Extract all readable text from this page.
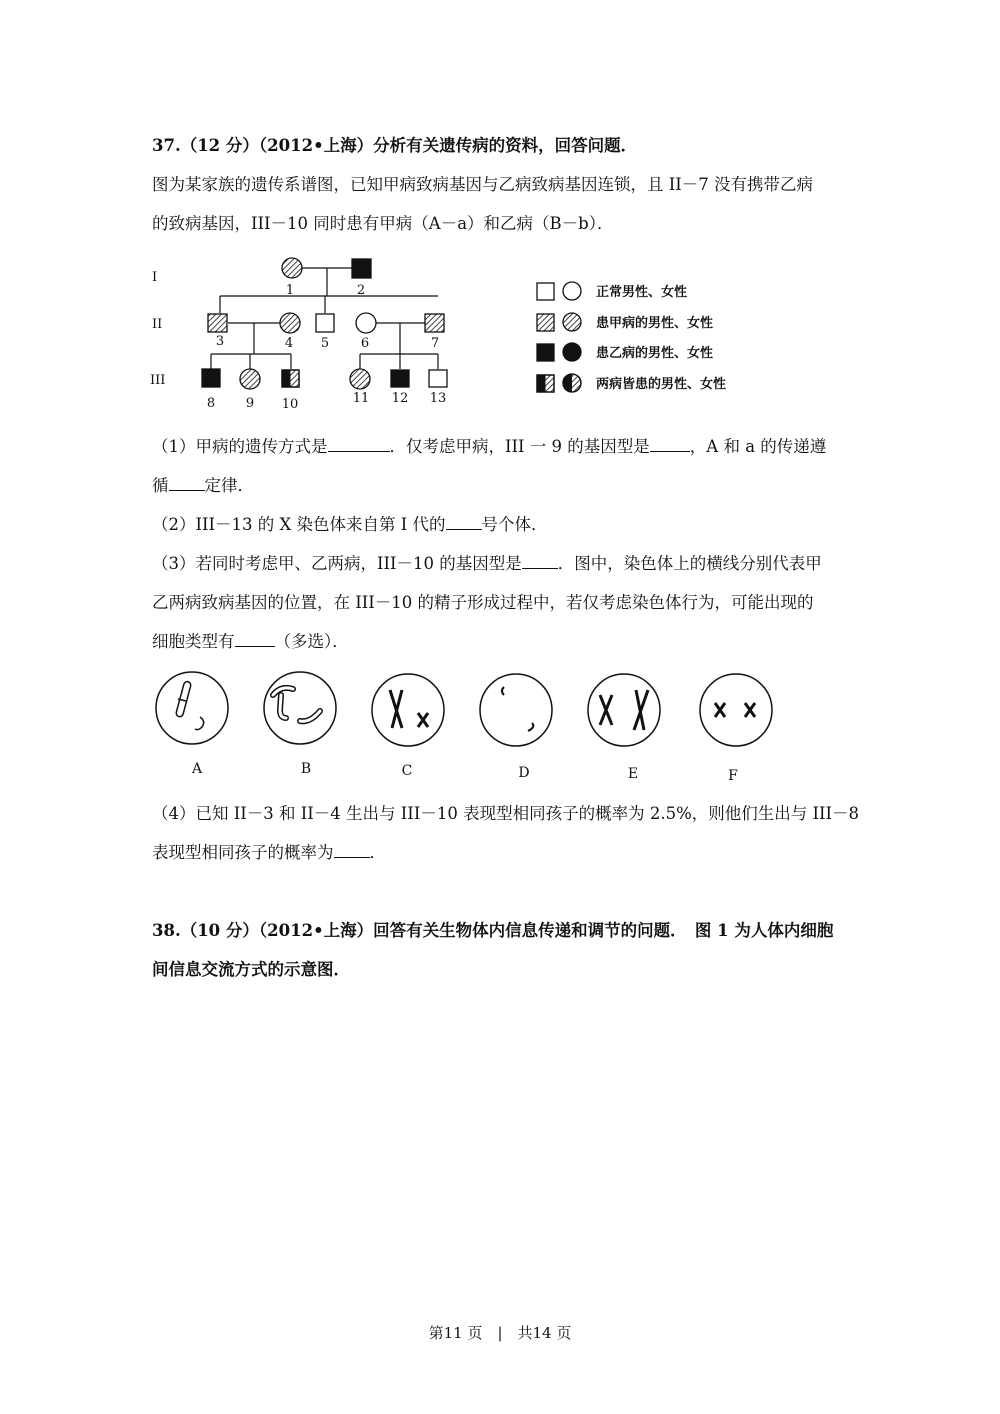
37.（12 分）（2012•上海）分析有关遗传病的资料，回答问题．
图为某家族的遗传系谱图，已知甲病致病基因与乙病致病基因连锁，且 II－7 没有携带乙病
的致病基因，III－10 同时患有甲病（A－a）和乙病（B－b）．
I
II
III
1	2
3	4 5 6	7
8 9 10	11 12 13
正常男性、女性
患甲病的男性、女性
患乙病的男性、女性
两病皆患的男性、女性
（1）甲病的遗传方式是	．仅考虑甲病，III 一 9 的基因型是 ，A 和 a 的传递遵
循 定律．
（2）III－13 的 X 染色体来自第 I 代的 号个体．
（3）若同时考虑甲、乙两病，III－10 的基因型是 ．图中，染色体上的横线分别代表甲
乙两病致病基因的位置，在 III－10 的精子形成过程中，若仅考虑染色体行为，可能出现的
细胞类型有 （多选）．
A	B	C	D	E	F
（4）已知 II－3 和 II－4 生出与 III－10 表现型相同孩子的概率为 2.5%，则他们生出与 III－8
表现型相同孩子的概率为 ．
38.（10 分）（2012•上海）回答有关生物体内信息传递和调节的问题．　图 1 为人体内细胞
间信息交流方式的示意图．
第11 页　|　共14 页
